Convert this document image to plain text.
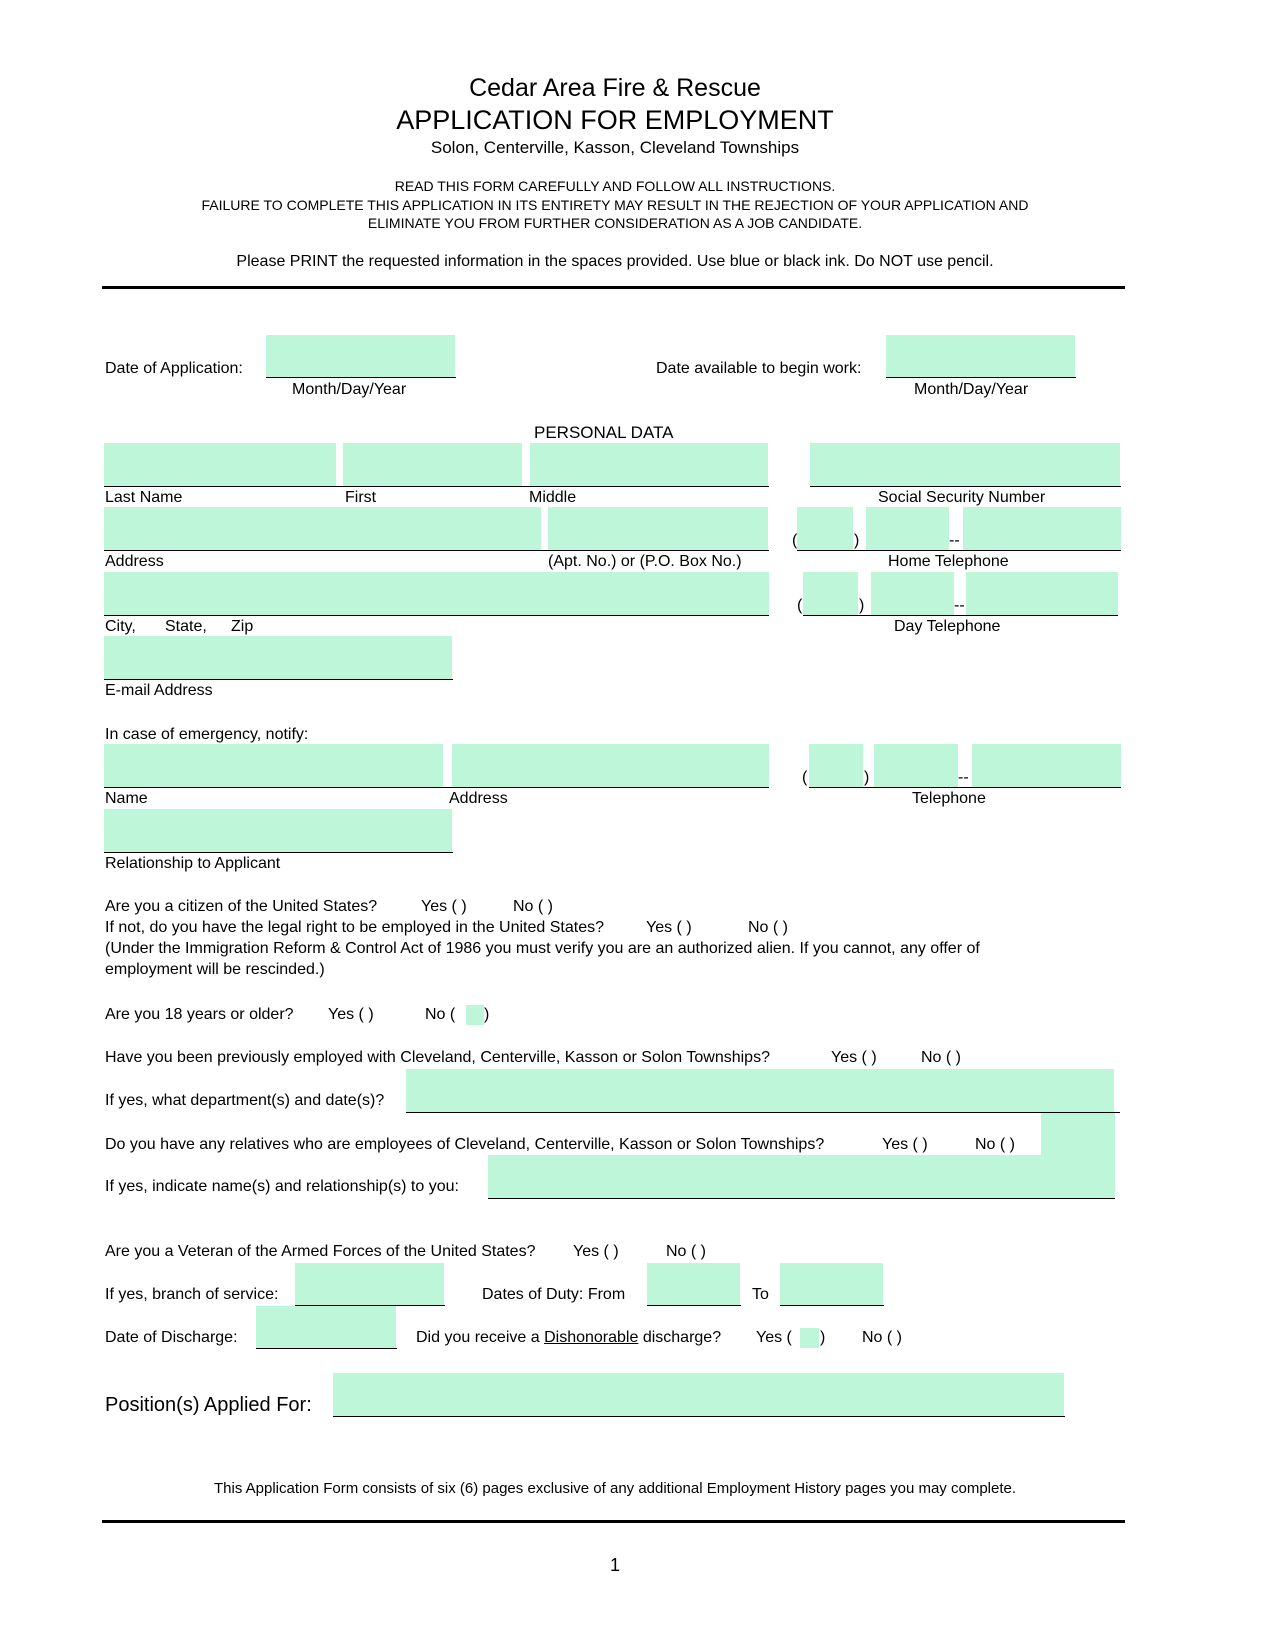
Cedar Area Fire & Rescue
APPLICATION FOR EMPLOYMENT
Solon, Centerville, Kasson, Cleveland Townships
READ THIS FORM CAREFULLY AND FOLLOW ALL INSTRUCTIONS.
FAILURE TO COMPLETE THIS APPLICATION IN ITS ENTIRETY MAY RESULT IN THE REJECTION OF YOUR APPLICATION AND
ELIMINATE YOU FROM FURTHER CONSIDERATION AS A JOB CANDIDATE.
Please PRINT the requested information in the spaces provided. Use blue or black ink. Do NOT use pencil.
Date of Application:
Month/Day/Year
Date available to begin work:
Month/Day/Year
PERSONAL DATA
Last Name	First	Middle	Social Security Number
(	)	--
Address	(Apt. No.) or (P.O. Box No.)	Home Telephone
(	)	--
City, State, Zip	Day Telephone
E-mail Address
In case of emergency, notify:
(	)	--
Name	Address	Telephone
Relationship to Applicant
Are you a citizen of the United States?	Yes ( )	No ( )
If not, do you have the legal right to be employed in the United States?	Yes ( )	No ( )
(Under the Immigration Reform & Control Act of 1986 you must verify you are an authorized alien. If you cannot, any offer of
employment will be rescinded.)
Are you 18 years or older? Yes ( )	No ( )
Have you been previously employed with Cleveland, Centerville, Kasson or Solon Townships?	Yes ( )	No ( )
If yes, what department(s) and date(s)?
Do you have any relatives who are employees of Cleveland, Centerville, Kasson or Solon Townships?	Yes ( )	No ( )
If yes, indicate name(s) and relationship(s) to you:
Are you a Veteran of the Armed Forces of the United States? Yes ( )	No ( )
If yes, branch of service:	Dates of Duty: From	To
Date of Discharge:	Did you receive a Dishonorable discharge? Yes ( ) No ( )
Position(s) Applied For:
This Application Form consists of six (6) pages exclusive of any additional Employment History pages you may complete.
1
